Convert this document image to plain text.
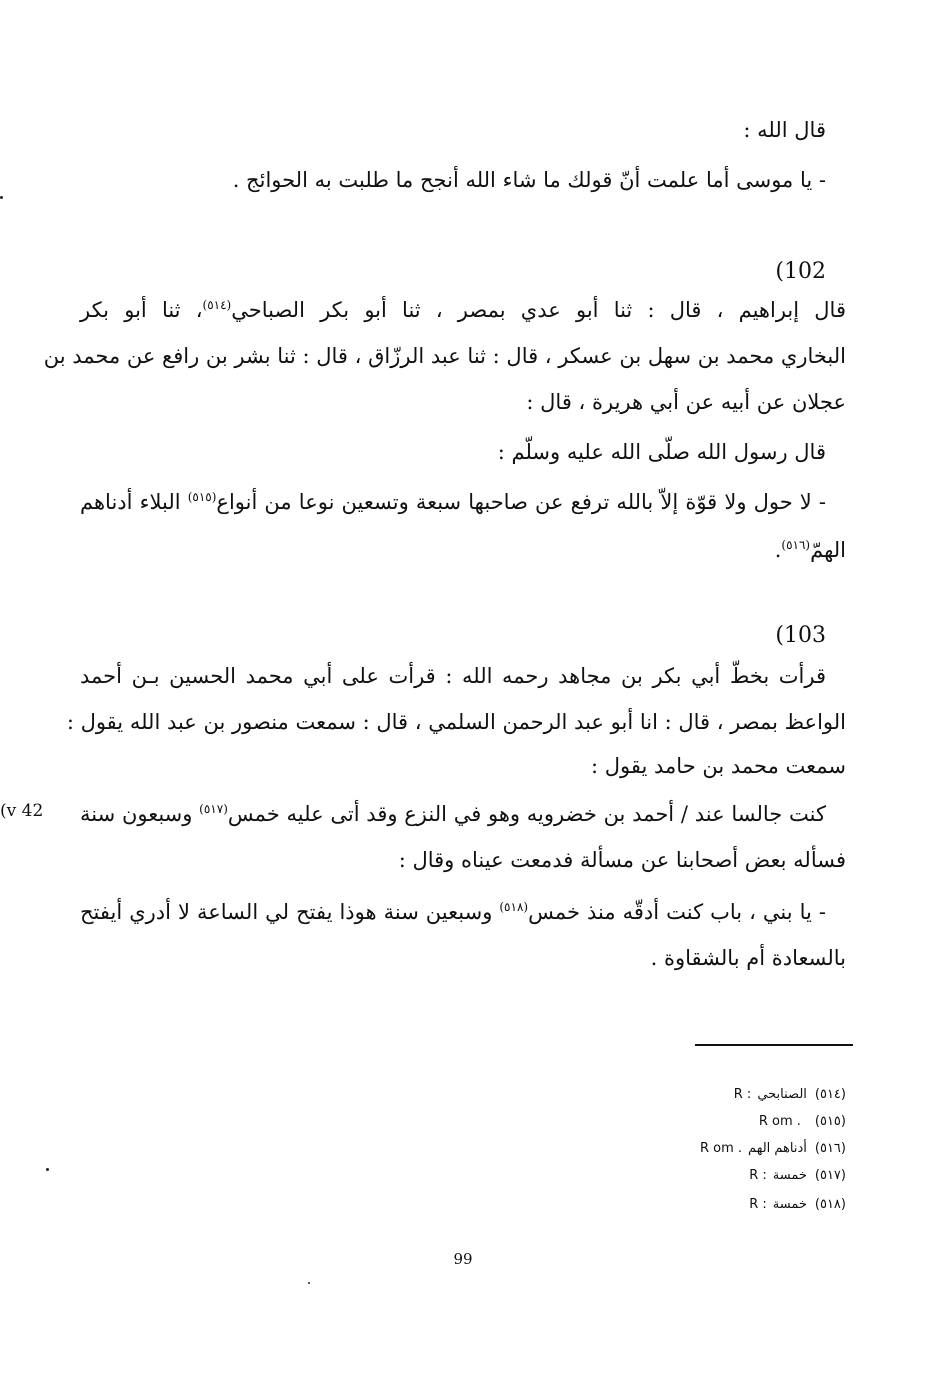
قال الله :
- يا موسى أما علمت أنّ قولك ما شاء الله أنجح ما طلبت به الحوائج .
(102
قال إبراهيم ، قال : ثنا أبو عدي بمصر ، ثنا أبو بكر الصباحي$^{(٥١٤)}$، ثنا أبو بكر
البخاري محمد بن سهل بن عسكر ، قال : ثنا عبد الرزّاق ، قال : ثنا بشر بن رافع عن محمد بن
عجلان عن أبيه عن أبي هريرة ، قال :
قال رسول الله صلّى الله عليه وسلّم :
- لا حول ولا قوّة إلاّ بالله ترفع عن صاحبها سبعة وتسعين نوعا من أنواع$^{(٥١٥)}$ البلاء أدناهم
الهمّ$^{(٥١٦)}$.
(103
قرأت بخطّ أبي بكر بن مجاهد رحمه الله : قرأت على أبي محمد الحسين بـن أحمد
الواعظ بمصر ، قال : انا أبو عبد الرحمن السلمي ، قال : سمعت منصور بن عبد الله يقول :
سمعت محمد بن حامد يقول :
(v 42	كنت جالسا عند / أحمد بن خضرويه وهو في النزع وقد أتى عليه خمس$^{(٥١٧)}$ وسبعون سنة
فسأله بعض أصحابنا عن مسألة فدمعت عيناه وقال :
- يا بني ، باب كنت أدقّه منذ خمس$^{(٥١٨)}$ وسبعين سنة هوذا يفتح لي الساعة لا أدري أيفتح
بالسعادة أم بالشقاوة .
(٥١٤)الصنابحيR :
(٥١٥)R om .
(٥١٦)أدناهم الهمR om .
(٥١٧)خمسةR :
(٥١٨)خمسةR :
99
